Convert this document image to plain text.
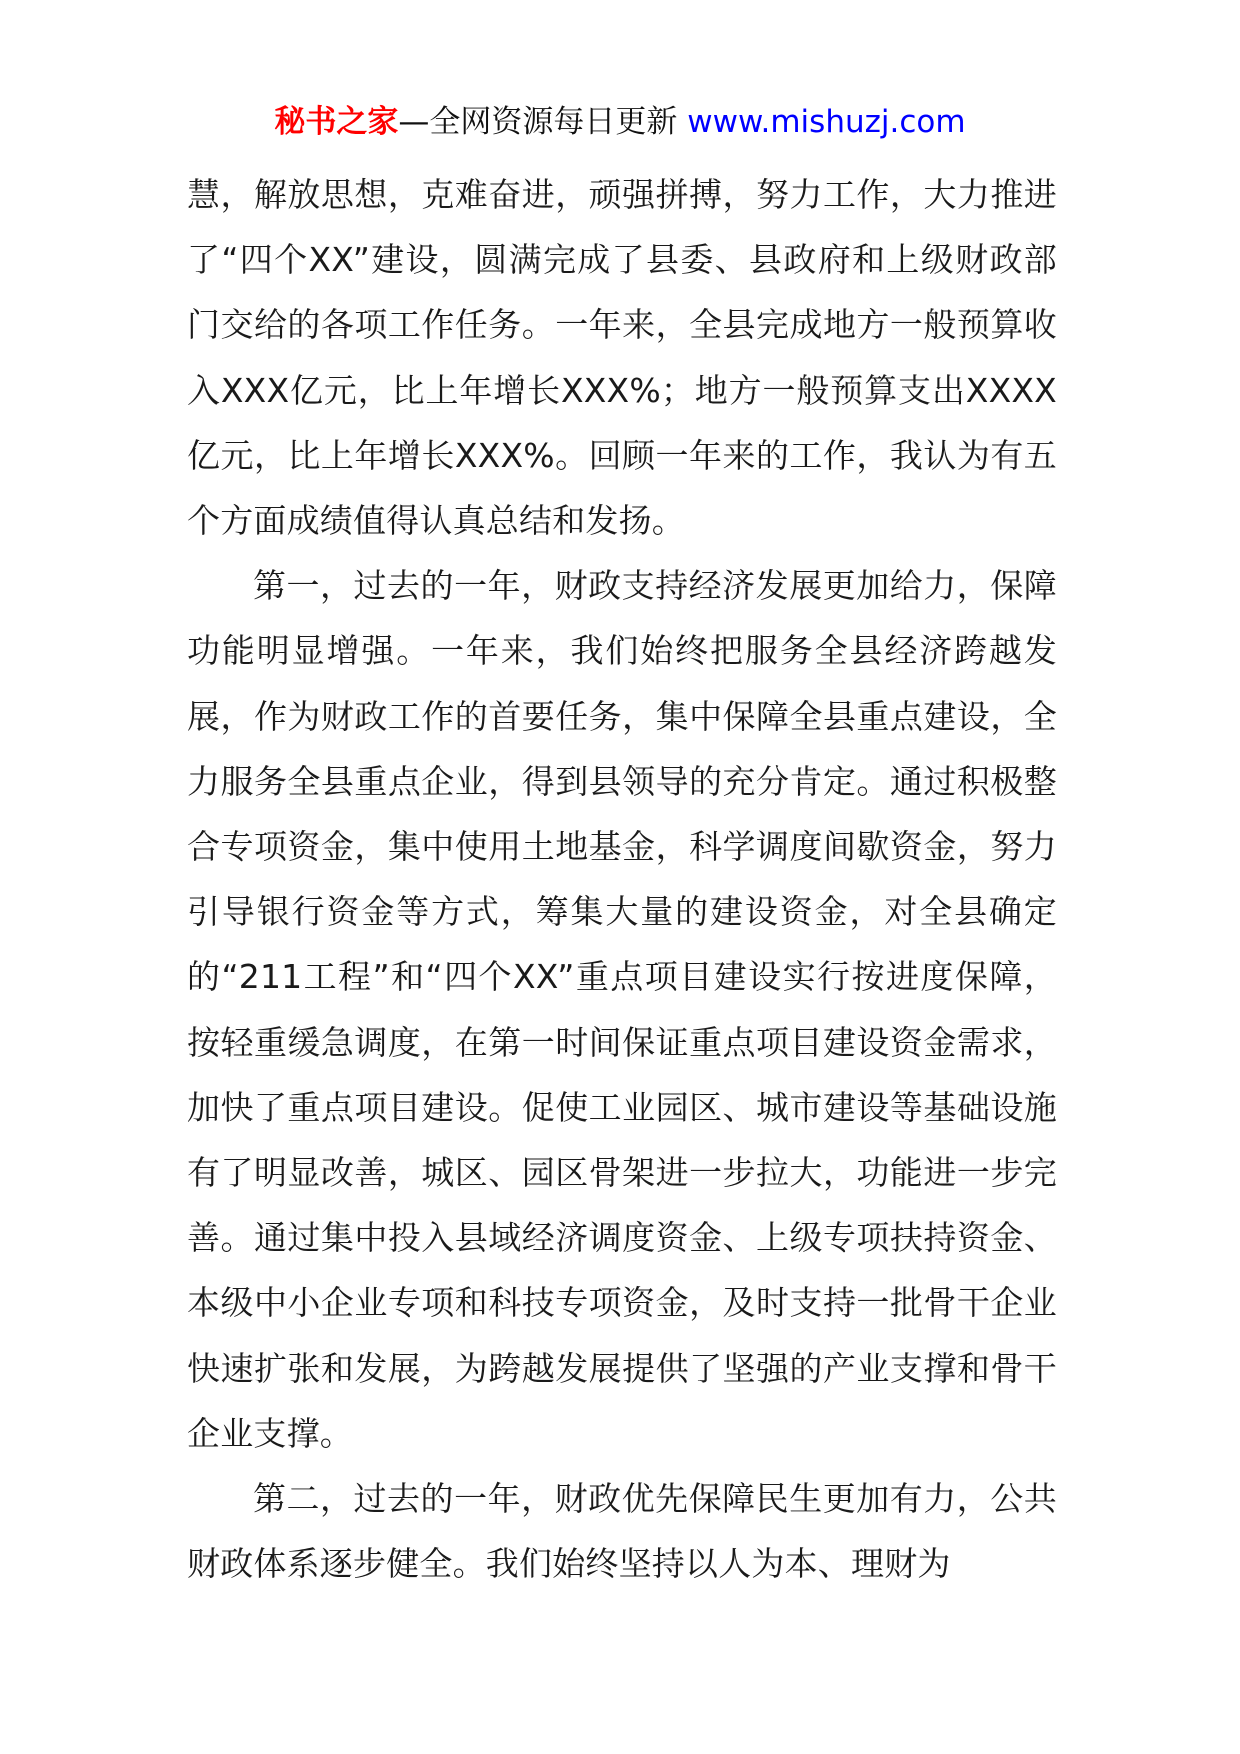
秘书之家—全网资源每日更新 www.mishuzj.com

慧，解放思想，克难奋进，顽强拼搏，努力工作，大力推进了“四个XX”建设，圆满完成了县委、县政府和上级财政部门交给的各项工作任务。一年来，全县完成地方一般预算收入XXX亿元，比上年增长XXX%；地方一般预算支出XXXX亿元，比上年增长XXX%。回顾一年来的工作，我认为有五个方面成绩值得认真总结和发扬。

第一，过去的一年，财政支持经济发展更加给力，保障功能明显增强。一年来，我们始终把服务全县经济跨越发展，作为财政工作的首要任务，集中保障全县重点建设，全力服务全县重点企业，得到县领导的充分肯定。通过积极整合专项资金，集中使用土地基金，科学调度间歇资金，努力引导银行资金等方式，筹集大量的建设资金，对全县确定的“211工程”和“四个XX”重点项目建设实行按进度保障，按轻重缓急调度，在第一时间保证重点项目建设资金需求，加快了重点项目建设。促使工业园区、城市建设等基础设施有了明显改善，城区、园区骨架进一步拉大，功能进一步完善。通过集中投入县域经济调度资金、上级专项扶持资金、本级中小企业专项和科技专项资金，及时支持一批骨干企业快速扩张和发展，为跨越发展提供了坚强的产业支撑和骨干企业支撑。

第二，过去的一年，财政优先保障民生更加有力，公共财政体系逐步健全。我们始终坚持以人为本、理财为
